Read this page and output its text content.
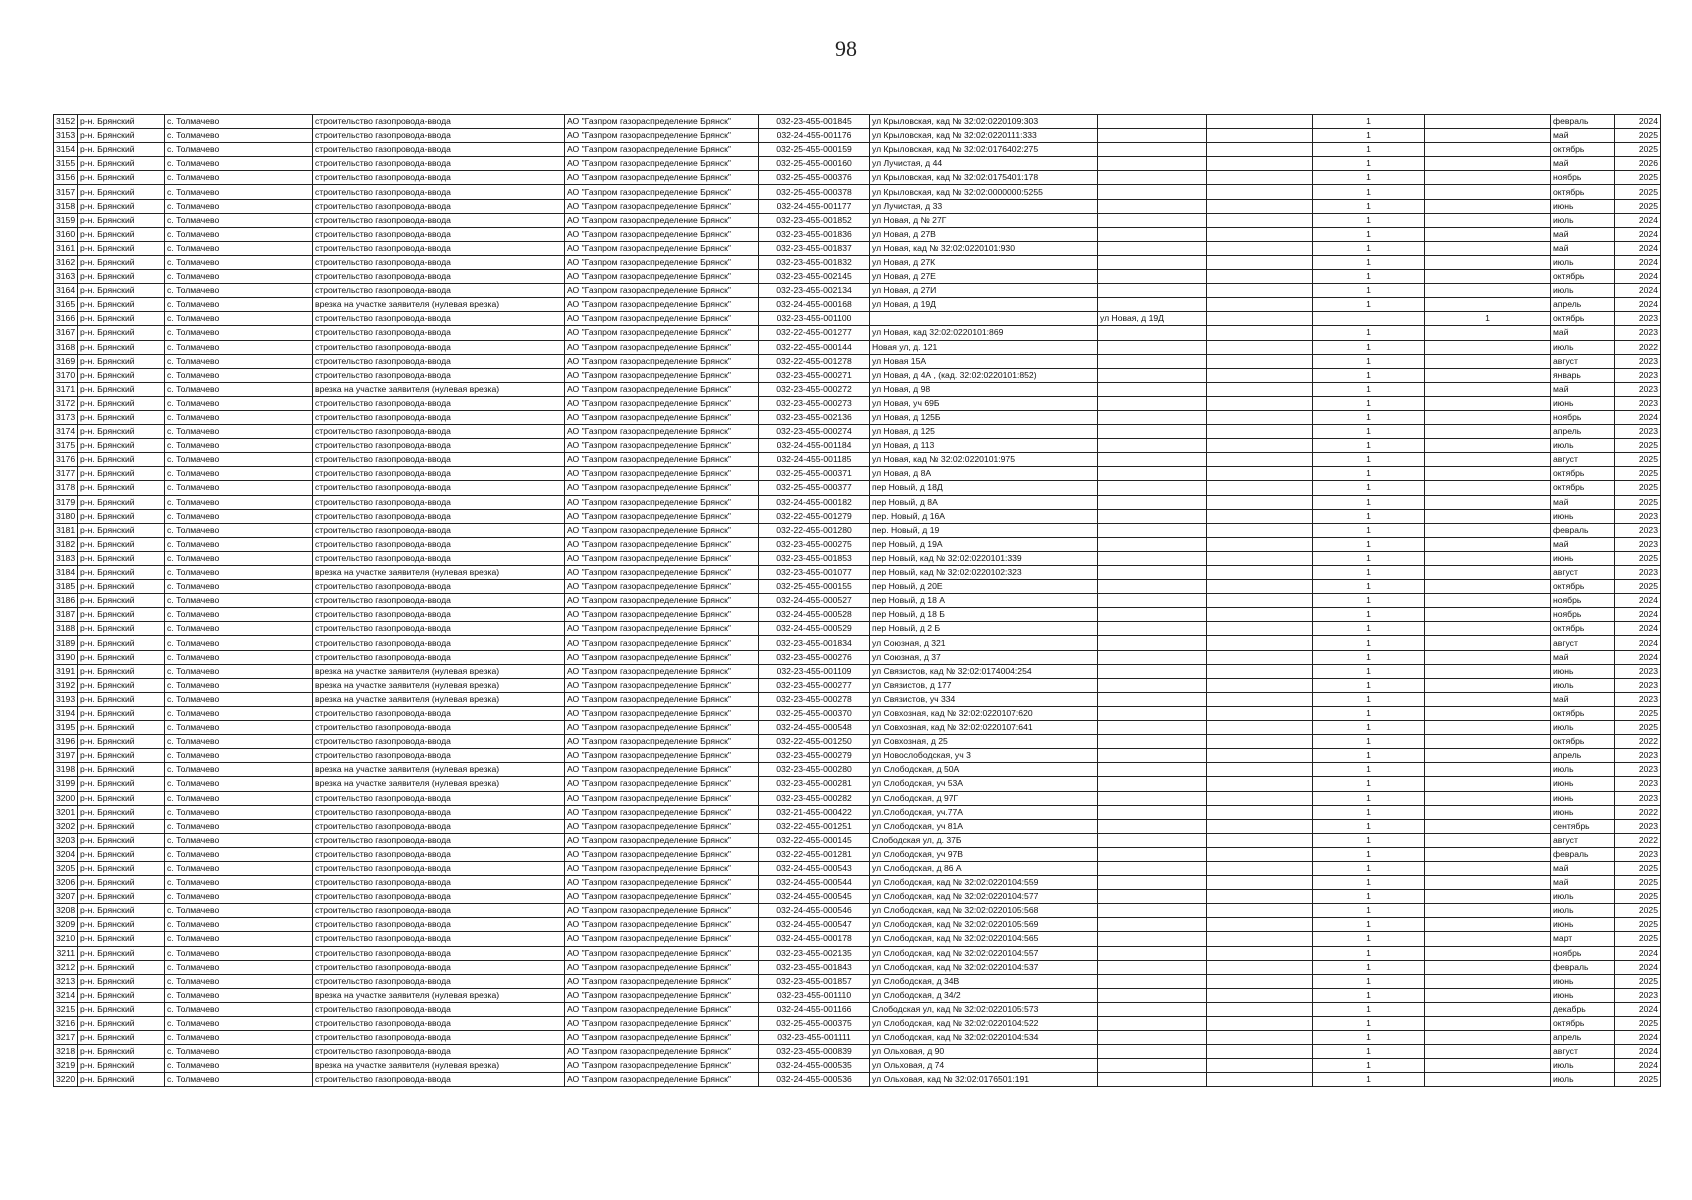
98
3152	р-н. Брянский	с. Толмачево	строительство газопровода-ввода	АО "Газпром газораспределение Брянск"	032-23-455-001845	ул Крыловская, кад № 32:02:0220109:303			1		февраль	2024
3153	р-н. Брянский	с. Толмачево	строительство газопровода-ввода	АО "Газпром газораспределение Брянск"	032-24-455-001176	ул Крыловская, кад № 32:02:0220111:333			1		май	2025
3154	р-н. Брянский	с. Толмачево	строительство газопровода-ввода	АО "Газпром газораспределение Брянск"	032-25-455-000159	ул Крыловская, кад № 32:02:0176402:275			1		октябрь	2025
3155	р-н. Брянский	с. Толмачево	строительство газопровода-ввода	АО "Газпром газораспределение Брянск"	032-25-455-000160	ул Лучистая, д 44			1		май	2026
3156	р-н. Брянский	с. Толмачево	строительство газопровода-ввода	АО "Газпром газораспределение Брянск"	032-25-455-000376	ул Крыловская, кад № 32:02:0175401:178			1		ноябрь	2025
3157	р-н. Брянский	с. Толмачево	строительство газопровода-ввода	АО "Газпром газораспределение Брянск"	032-25-455-000378	ул Крыловская, кад № 32:02:0000000:5255			1		октябрь	2025
3158	р-н. Брянский	с. Толмачево	строительство газопровода-ввода	АО "Газпром газораспределение Брянск"	032-24-455-001177	ул Лучистая, д 33			1		июнь	2025
3159	р-н. Брянский	с. Толмачево	строительство газопровода-ввода	АО "Газпром газораспределение Брянск"	032-23-455-001852	ул Новая, д № 27Г			1		июль	2024
3160	р-н. Брянский	с. Толмачево	строительство газопровода-ввода	АО "Газпром газораспределение Брянск"	032-23-455-001836	ул Новая, д 27В			1		май	2024
3161	р-н. Брянский	с. Толмачево	строительство газопровода-ввода	АО "Газпром газораспределение Брянск"	032-23-455-001837	ул Новая, кад № 32:02:0220101:930			1		май	2024
3162	р-н. Брянский	с. Толмачево	строительство газопровода-ввода	АО "Газпром газораспределение Брянск"	032-23-455-001832	ул Новая, д 27К			1		июль	2024
3163	р-н. Брянский	с. Толмачево	строительство газопровода-ввода	АО "Газпром газораспределение Брянск"	032-23-455-002145	ул Новая, д 27Е			1		октябрь	2024
3164	р-н. Брянский	с. Толмачево	строительство газопровода-ввода	АО "Газпром газораспределение Брянск"	032-23-455-002134	ул Новая, д 27И			1		июль	2024
3165	р-н. Брянский	с. Толмачево	врезка на участке заявителя (нулевая врезка)	АО "Газпром газораспределение Брянск"	032-24-455-000168	ул Новая, д 19Д			1		апрель	2024
3166	р-н. Брянский	с. Толмачево	строительство газопровода-ввода	АО "Газпром газораспределение Брянск"	032-23-455-001100		ул Новая, д 19Д			1	октябрь	2023
3167	р-н. Брянский	с. Толмачево	строительство газопровода-ввода	АО "Газпром газораспределение Брянск"	032-22-455-001277	ул Новая, кад 32:02:0220101:869			1		май	2023
3168	р-н. Брянский	с. Толмачево	строительство газопровода-ввода	АО "Газпром газораспределение Брянск"	032-22-455-000144	Новая ул, д. 121			1		июль	2022
3169	р-н. Брянский	с. Толмачево	строительство газопровода-ввода	АО "Газпром газораспределение Брянск"	032-22-455-001278	ул Новая 15А			1		август	2023
3170	р-н. Брянский	с. Толмачево	строительство газопровода-ввода	АО "Газпром газораспределение Брянск"	032-23-455-000271	ул Новая, д 4А , (кад. 32:02:0220101:852)			1		январь	2023
3171	р-н. Брянский	с. Толмачево	врезка на участке заявителя (нулевая врезка)	АО "Газпром газораспределение Брянск"	032-23-455-000272	ул Новая, д 98			1		май	2023
3172	р-н. Брянский	с. Толмачево	строительство газопровода-ввода	АО "Газпром газораспределение Брянск"	032-23-455-000273	ул Новая, уч 69Б			1		июнь	2023
3173	р-н. Брянский	с. Толмачево	строительство газопровода-ввода	АО "Газпром газораспределение Брянск"	032-23-455-002136	ул Новая, д 125Б			1		ноябрь	2024
3174	р-н. Брянский	с. Толмачево	строительство газопровода-ввода	АО "Газпром газораспределение Брянск"	032-23-455-000274	ул Новая, д 125			1		апрель	2023
3175	р-н. Брянский	с. Толмачево	строительство газопровода-ввода	АО "Газпром газораспределение Брянск"	032-24-455-001184	ул Новая, д 113			1		июль	2025
3176	р-н. Брянский	с. Толмачево	строительство газопровода-ввода	АО "Газпром газораспределение Брянск"	032-24-455-001185	ул Новая, кад № 32:02:0220101:975			1		август	2025
3177	р-н. Брянский	с. Толмачево	строительство газопровода-ввода	АО "Газпром газораспределение Брянск"	032-25-455-000371	ул Новая, д 8А			1		октябрь	2025
3178	р-н. Брянский	с. Толмачево	строительство газопровода-ввода	АО "Газпром газораспределение Брянск"	032-25-455-000377	пер Новый, д 18Д			1		октябрь	2025
3179	р-н. Брянский	с. Толмачево	строительство газопровода-ввода	АО "Газпром газораспределение Брянск"	032-24-455-000182	пер Новый, д 8А			1		май	2025
3180	р-н. Брянский	с. Толмачево	строительство газопровода-ввода	АО "Газпром газораспределение Брянск"	032-22-455-001279	пер. Новый, д 16А			1		июнь	2023
3181	р-н. Брянский	с. Толмачево	строительство газопровода-ввода	АО "Газпром газораспределение Брянск"	032-22-455-001280	пер. Новый, д 19			1		февраль	2023
3182	р-н. Брянский	с. Толмачево	строительство газопровода-ввода	АО "Газпром газораспределение Брянск"	032-23-455-000275	пер Новый, д 19А			1		май	2023
3183	р-н. Брянский	с. Толмачево	строительство газопровода-ввода	АО "Газпром газораспределение Брянск"	032-23-455-001853	пер Новый, кад № 32:02:0220101:339			1		июнь	2025
3184	р-н. Брянский	с. Толмачево	врезка на участке заявителя (нулевая врезка)	АО "Газпром газораспределение Брянск"	032-23-455-001077	пер Новый, кад № 32:02:0220102:323			1		август	2023
3185	р-н. Брянский	с. Толмачево	строительство газопровода-ввода	АО "Газпром газораспределение Брянск"	032-25-455-000155	пер Новый, д 20Е			1		октябрь	2025
3186	р-н. Брянский	с. Толмачево	строительство газопровода-ввода	АО "Газпром газораспределение Брянск"	032-24-455-000527	пер Новый, д 18 А			1		ноябрь	2024
3187	р-н. Брянский	с. Толмачево	строительство газопровода-ввода	АО "Газпром газораспределение Брянск"	032-24-455-000528	пер Новый, д 18 Б			1		ноябрь	2024
3188	р-н. Брянский	с. Толмачево	строительство газопровода-ввода	АО "Газпром газораспределение Брянск"	032-24-455-000529	пер Новый, д 2 Б			1		октябрь	2024
3189	р-н. Брянский	с. Толмачево	строительство газопровода-ввода	АО "Газпром газораспределение Брянск"	032-23-455-001834	ул Союзная, д 321			1		август	2024
3190	р-н. Брянский	с. Толмачево	строительство газопровода-ввода	АО "Газпром газораспределение Брянск"	032-23-455-000276	ул Союзная, д 37			1		май	2024
3191	р-н. Брянский	с. Толмачево	врезка на участке заявителя (нулевая врезка)	АО "Газпром газораспределение Брянск"	032-23-455-001109	ул Связистов, кад № 32:02:0174004:254			1		июнь	2023
3192	р-н. Брянский	с. Толмачево	врезка на участке заявителя (нулевая врезка)	АО "Газпром газораспределение Брянск"	032-23-455-000277	ул Связистов, д 177			1		июль	2023
3193	р-н. Брянский	с. Толмачево	врезка на участке заявителя (нулевая врезка)	АО "Газпром газораспределение Брянск"	032-23-455-000278	ул Связистов, уч 334			1		май	2023
3194	р-н. Брянский	с. Толмачево	строительство газопровода-ввода	АО "Газпром газораспределение Брянск"	032-25-455-000370	ул Совхозная, кад № 32:02:0220107:620			1		октябрь	2025
3195	р-н. Брянский	с. Толмачево	строительство газопровода-ввода	АО "Газпром газораспределение Брянск"	032-24-455-000548	ул Совхозная, кад № 32:02:0220107:641			1		июль	2025
3196	р-н. Брянский	с. Толмачево	строительство газопровода-ввода	АО "Газпром газораспределение Брянск"	032-22-455-001250	ул Совхозная, д 25			1		октябрь	2022
3197	р-н. Брянский	с. Толмачево	строительство газопровода-ввода	АО "Газпром газораспределение Брянск"	032-23-455-000279	ул Новослободская, уч 3			1		апрель	2023
3198	р-н. Брянский	с. Толмачево	врезка на участке заявителя (нулевая врезка)	АО "Газпром газораспределение Брянск"	032-23-455-000280	ул Слободская, д 50А			1		июль	2023
3199	р-н. Брянский	с. Толмачево	врезка на участке заявителя (нулевая врезка)	АО "Газпром газораспределение Брянск"	032-23-455-000281	ул Слободская, уч 53А			1		июнь	2023
3200	р-н. Брянский	с. Толмачево	строительство газопровода-ввода	АО "Газпром газораспределение Брянск"	032-23-455-000282	ул Слободская, д 97Г			1		июнь	2023
3201	р-н. Брянский	с. Толмачево	строительство газопровода-ввода	АО "Газпром газораспределение Брянск"	032-21-455-000422	ул.Слободская, уч.77А			1		июнь	2022
3202	р-н. Брянский	с. Толмачево	строительство газопровода-ввода	АО "Газпром газораспределение Брянск"	032-22-455-001251	ул Слободская, уч 81А			1		сентябрь	2023
3203	р-н. Брянский	с. Толмачево	строительство газопровода-ввода	АО "Газпром газораспределение Брянск"	032-22-455-000145	Слободская ул, д. 37Б			1		август	2022
3204	р-н. Брянский	с. Толмачево	строительство газопровода-ввода	АО "Газпром газораспределение Брянск"	032-22-455-001281	ул Слободская, уч 97В			1		февраль	2023
3205	р-н. Брянский	с. Толмачево	строительство газопровода-ввода	АО "Газпром газораспределение Брянск"	032-24-455-000543	ул Слободская, д 86 А			1		май	2025
3206	р-н. Брянский	с. Толмачево	строительство газопровода-ввода	АО "Газпром газораспределение Брянск"	032-24-455-000544	ул Слободская, кад № 32:02:0220104:559			1		май	2025
3207	р-н. Брянский	с. Толмачево	строительство газопровода-ввода	АО "Газпром газораспределение Брянск"	032-24-455-000545	ул Слободская, кад № 32:02:0220104:577			1		июль	2025
3208	р-н. Брянский	с. Толмачево	строительство газопровода-ввода	АО "Газпром газораспределение Брянск"	032-24-455-000546	ул Слободская, кад № 32:02:0220105:568			1		июль	2025
3209	р-н. Брянский	с. Толмачево	строительство газопровода-ввода	АО "Газпром газораспределение Брянск"	032-24-455-000547	ул Слободская, кад № 32:02:0220105:569			1		июнь	2025
3210	р-н. Брянский	с. Толмачево	строительство газопровода-ввода	АО "Газпром газораспределение Брянск"	032-24-455-000178	ул Слободская, кад № 32:02:0220104:565			1		март	2025
3211	р-н. Брянский	с. Толмачево	строительство газопровода-ввода	АО "Газпром газораспределение Брянск"	032-23-455-002135	ул Слободская, кад № 32:02:0220104:557			1		ноябрь	2024
3212	р-н. Брянский	с. Толмачево	строительство газопровода-ввода	АО "Газпром газораспределение Брянск"	032-23-455-001843	ул Слободская, кад № 32:02:0220104:537			1		февраль	2024
3213	р-н. Брянский	с. Толмачево	строительство газопровода-ввода	АО "Газпром газораспределение Брянск"	032-23-455-001857	ул Слободская, д 34В			1		июнь	2025
3214	р-н. Брянский	с. Толмачево	врезка на участке заявителя (нулевая врезка)	АО "Газпром газораспределение Брянск"	032-23-455-001110	ул Слободская, д 34/2			1		июнь	2023
3215	р-н. Брянский	с. Толмачево	строительство газопровода-ввода	АО "Газпром газораспределение Брянск"	032-24-455-001166	Слободская ул, кад № 32:02:0220105:573			1		декабрь	2024
3216	р-н. Брянский	с. Толмачево	строительство газопровода-ввода	АО "Газпром газораспределение Брянск"	032-25-455-000375	ул Слободская, кад № 32:02:0220104:522			1		октябрь	2025
3217	р-н. Брянский	с. Толмачево	строительство газопровода-ввода	АО "Газпром газораспределение Брянск"	032-23-455-001111	ул Слободская, кад № 32:02:0220104:534			1		апрель	2024
3218	р-н. Брянский	с. Толмачево	строительство газопровода-ввода	АО "Газпром газораспределение Брянск"	032-23-455-000839	ул Ольховая, д 90			1		август	2024
3219	р-н. Брянский	с. Толмачево	врезка на участке заявителя (нулевая врезка)	АО "Газпром газораспределение Брянск"	032-24-455-000535	ул Ольховая, д 74			1		июль	2024
3220	р-н. Брянский	с. Толмачево	строительство газопровода-ввода	АО "Газпром газораспределение Брянск"	032-24-455-000536	ул Ольховая, кад № 32:02:0176501:191			1		июль	2025
